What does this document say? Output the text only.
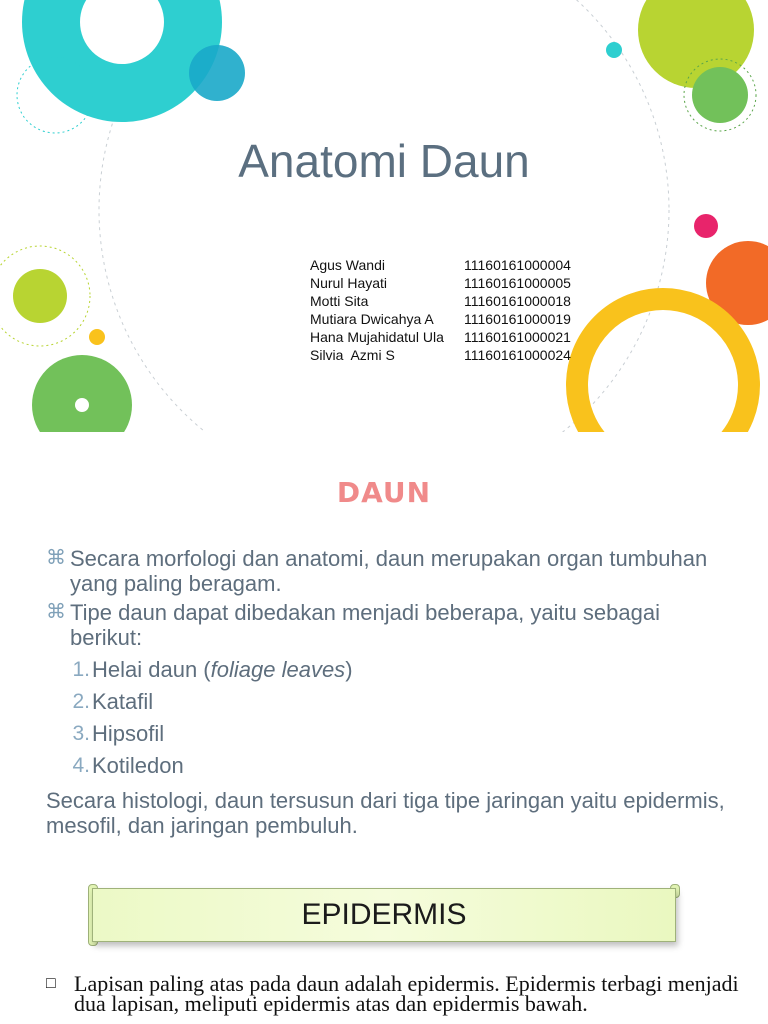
Anatomi Daun
Agus Wandi	11160161000004
Nurul Hayati	11160161000005
Motti Sita	11160161000018
Mutiara Dwicahya A	11160161000019
Hana Mujahidatul Ula	11160161000021
Silvia  Azmi S	11160161000024
DAUN
⌘ Secara morfologi dan anatomi, daun merupakan organ tumbuhan yang paling beragam.
⌘ Tipe daun dapat dibedakan menjadi beberapa, yaitu sebagai berikut:
1. Helai daun (foliage leaves)
2. Katafil
3. Hipsofil
4. Kotiledon
Secara histologi, daun tersusun dari tiga tipe jaringan yaitu epidermis, mesofil, dan jaringan pembuluh.
EPIDERMIS
□ Lapisan paling atas pada daun adalah epidermis. Epidermis terbagi menjadi dua lapisan, meliputi epidermis atas dan epidermis bawah.
